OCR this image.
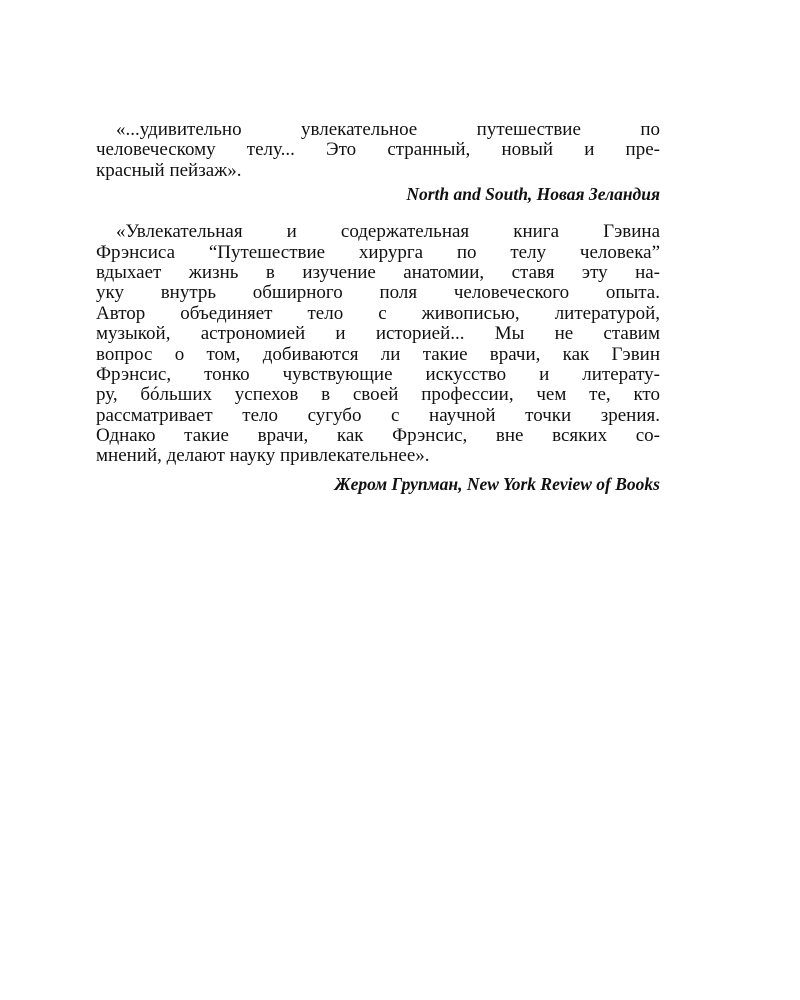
«...удивительно увлекательное путешествие по
человеческому телу... Это странный, новый и пре-
красный пейзаж».
North and South, Новая Зеландия
«Увлекательная и содержательная книга Гэвина
Фрэнсиса “Путешествие хирурга по телу человека”
вдыхает жизнь в изучение анатомии, ставя эту на-
уку внутрь обширного поля человеческого опыта.
Автор объединяет тело с живописью, литературой,
музыкой, астрономией и историей... Мы не ставим
вопрос о том, добиваются ли такие врачи, как Гэвин
Фрэнсис, тонко чувствующие искусство и литерату-
ру, бóльших успехов в своей профессии, чем те, кто
рассматривает тело сугубо с научной точки зрения.
Однако такие врачи, как Фрэнсис, вне всяких со-
мнений, делают науку привлекательнее».
Жером Групман, New York Review of Books
